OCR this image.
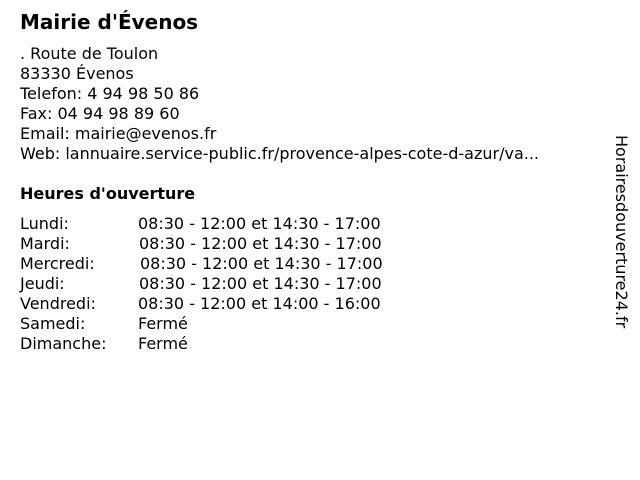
Mairie d'Évenos
. Route de Toulon
83330 Évenos
Telefon: 4 94 98 50 86
Fax: 04 94 98 89 60
Email: mairie@evenos.fr
Web: lannuaire.service-public.fr/provence-alpes-cote-d-azur/va...
Heures d'ouverture
Lundi:	08:30 - 12:00 et 14:30 - 17:00
Mardi:	08:30 - 12:00 et 14:30 - 17:00
Mercredi:	08:30 - 12:00 et 14:30 - 17:00
Jeudi:	08:30 - 12:00 et 14:30 - 17:00
Vendredi:	08:30 - 12:00 et 14:00 - 16:00
Samedi:	Fermé
Dimanche: Fermé
Horairesdouverture24.fr
